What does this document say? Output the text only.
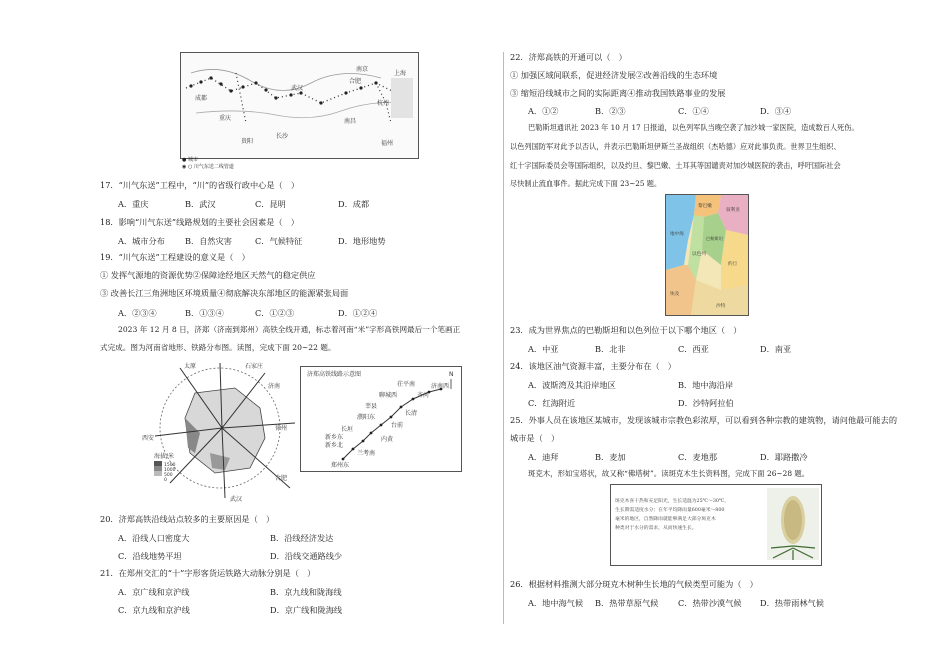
成都
重庆
武汉
长沙
合肥
南昌
南京
上海
杭州
贵阳	福州
● 城市
◉ ○ 川气东送二线管道
17．“川气东送”工程中，“川”的省级行政中心是（　）
A．重庆	B．武汉	C．昆明	D．成都
18．影响“川气东送”线路规划的主要社会因素是（　）
A．城市分布 B．自然灾害	C．气候特征	D．地形地势
19．“川气东送”工程建设的意义是（　）
① 发挥气源地的资源优势②保障途经地区天然气的稳定供应
③ 改善长江三角洲地区环境质量④彻底解决东部地区的能源紧张局面
A．②③④	B．①③④	C．①②③	D．①②④
2023 年 12 月 8 日，济郑（济南到郑州）高铁全线开通，标志着河南“米”字形高铁网最后一个笔画正
式完成。图为河南省地形、铁路分布图。读图，完成下面 20~22 题。
太原	石家庄
济南
徐州
西安
合肥
武汉
海拔/米
1500
1000
500
0
济郑高铁线路示意图	N
济南西
齐河
茌平南
聊城西
莘县
长清
台前
濮阳东
内黄
长垣
新乡东
新乡北
兰考南
郑州东
20．济郑高铁沿线站点较多的主要原因是（　）
A．沿线人口密度大	B．沿线经济发达
C．沿线地势平坦	D．沿线交通路线少
21．在郑州交汇的“十”字形客货运铁路大动脉分别是（　）
A．京广线和京沪线	B．京九线和陇海线
C．京九线和京沪线	D．京广线和陇海线
22．济郑高铁的开通可以（　）
① 加强区域间联系，促进经济发展②改善沿线的生态环境
③ 缩短沿线城市之间的实际距离④推动我国铁路事业的发展
A．①②	B．②③	C．①④	D．③④
巴勒斯坦通讯社 2023 年 10 月 17 日报道，以色列军队当晚空袭了加沙城一家医院，造成数百人死伤。
以色列国防军对此予以否认，并表示巴勒斯坦伊斯兰圣战组织（杰哈德）应对此事负责。世界卫生组织、
红十字国际委员会等国际组织，以及约旦、黎巴嫩、土耳其等国谴责对加沙城医院的袭击，呼吁国际社会
尽快制止流血事件。据此完成下面 23~25 题。
地中海
以色列
约旦
巴勒斯坦
黎巴嫩
叙利亚
埃及
沙特
23．成为世界焦点的巴勒斯坦和以色列位于以下哪个地区（　）
A．中亚	B．北非	C．西亚	D．南亚
24．该地区油气资源丰富，主要分布在（　）
A．波斯湾及其沿岸地区	B．地中海沿岸
C．红海附近	D．沙特阿拉伯
25．外事人员在该地区某城市，发现该城市宗教色彩浓厚，可以看到各种宗教的建筑物，请问他最可能去的
城市是（　）
A．迪拜	B．麦加	C．麦地那	D．耶路撒冷
斑克木，形如宝塔状，故又称“佛塔树”。读斑克木生长资料图，完成下面 26~28 题。
斑克木喜干热和充足阳光，生长适温为25℃～30℃，
生长期需适度水分；在年平均降雨量600毫米～800
毫米的地区，自然降雨就能够满足大部分斑克木
种类对于水分的需求，从而快速生长。
26．根据材料推测大部分斑克木树种生长地的气候类型可能为（　）
A．地中海气候 B．热带草原气候 C．热带沙漠气候 D．热带雨林气候
